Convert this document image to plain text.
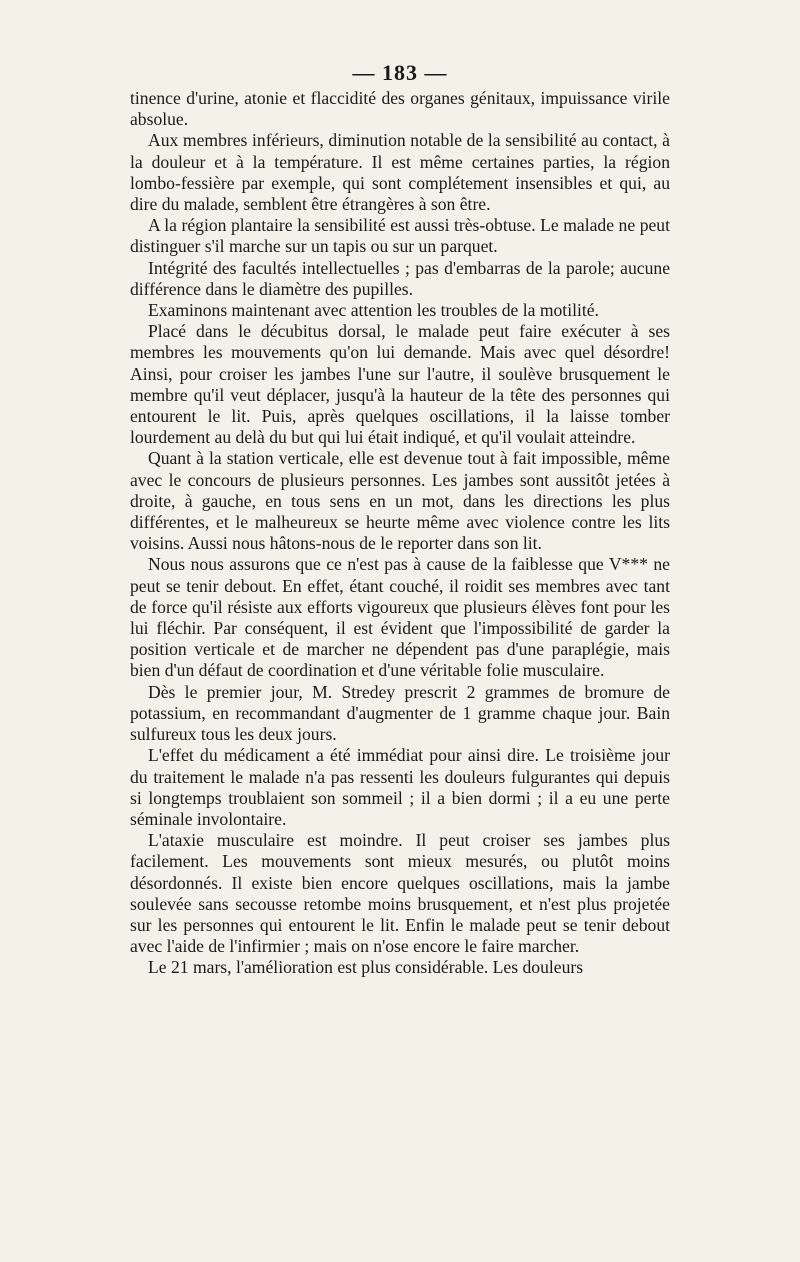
— 183 —

tinence d'urine, atonie et flaccidité des organes génitaux, impuissance virile absolue.

Aux membres inférieurs, diminution notable de la sensibilité au contact, à la douleur et à la température. Il est même certaines parties, la région lombo-fessière par exemple, qui sont complétement insensibles et qui, au dire du malade, semblent être étrangères à son être.

A la région plantaire la sensibilité est aussi très-obtuse. Le malade ne peut distinguer s'il marche sur un tapis ou sur un parquet.

Intégrité des facultés intellectuelles ; pas d'embarras de la parole; aucune différence dans le diamètre des pupilles.

Examinons maintenant avec attention les troubles de la motilité.

Placé dans le décubitus dorsal, le malade peut faire exécuter à ses membres les mouvements qu'on lui demande. Mais avec quel désordre! Ainsi, pour croiser les jambes l'une sur l'autre, il soulève brusquement le membre qu'il veut déplacer, jusqu'à la hauteur de la tête des personnes qui entourent le lit. Puis, après quelques oscillations, il la laisse tomber lourdement au delà du but qui lui était indiqué, et qu'il voulait atteindre.

Quant à la station verticale, elle est devenue tout à fait impossible, même avec le concours de plusieurs personnes. Les jambes sont aussitôt jetées à droite, à gauche, en tous sens en un mot, dans les directions les plus différentes, et le malheureux se heurte même avec violence contre les lits voisins. Aussi nous hâtons-nous de le reporter dans son lit.

Nous nous assurons que ce n'est pas à cause de la faiblesse que V*** ne peut se tenir debout. En effet, étant couché, il roidit ses membres avec tant de force qu'il résiste aux efforts vigoureux que plusieurs élèves font pour les lui fléchir. Par conséquent, il est évident que l'impossibilité de garder la position verticale et de marcher ne dépendent pas d'une paraplégie, mais bien d'un défaut de coordination et d'une véritable folie musculaire.

Dès le premier jour, M. Stredey prescrit 2 grammes de bromure de potassium, en recommandant d'augmenter de 1 gramme chaque jour. Bain sulfureux tous les deux jours.

L'effet du médicament a été immédiat pour ainsi dire. Le troisième jour du traitement le malade n'a pas ressenti les douleurs fulgurantes qui depuis si longtemps troublaient son sommeil ; il a bien dormi ; il a eu une perte séminale involontaire.

L'ataxie musculaire est moindre. Il peut croiser ses jambes plus facilement. Les mouvements sont mieux mesurés, ou plutôt moins désordonnés. Il existe bien encore quelques oscillations, mais la jambe soulevée sans secousse retombe moins brusquement, et n'est plus projetée sur les personnes qui entourent le lit. Enfin le malade peut se tenir debout avec l'aide de l'infirmier ; mais on n'ose encore le faire marcher.

Le 21 mars, l'amélioration est plus considérable. Les douleurs
